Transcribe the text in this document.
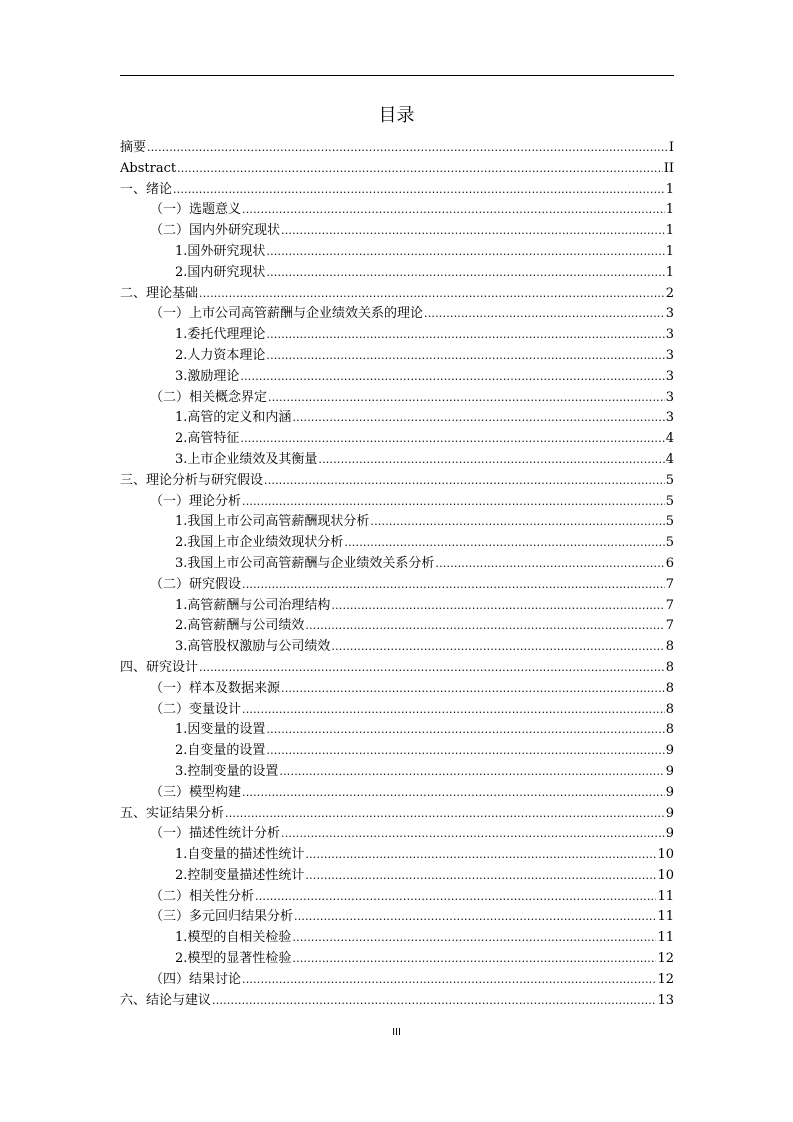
目录
摘要 .....	I
Abstract .....	II
一、绪论 .....	1
（一）选题意义 .....	1
（二）国内外研究现状 .....	1
1.国外研究现状 .....	1
2.国内研究现状 .....	1
二、理论基础 .....	2
（一）上市公司高管薪酬与企业绩效关系的理论 .....	3
1.委托代理理论 .....	3
2.人力资本理论 .....	3
3.激励理论 .....	3
（二）相关概念界定 .....	3
1.高管的定义和内涵 .....	3
2.高管特征 .....	4
3.上市企业绩效及其衡量 .....	4
三、理论分析与研究假设 .....	5
（一）理论分析 .....	5
1.我国上市公司高管薪酬现状分析 .....	5
2.我国上市企业绩效现状分析 .....	5
3.我国上市公司高管薪酬与企业绩效关系分析 .....	6
（二）研究假设 .....	7
1.高管薪酬与公司治理结构 .....	7
2.高管薪酬与公司绩效 .....	7
3.高管股权激励与公司绩效 .....	8
四、研究设计 .....	8
（一）样本及数据来源 .....	8
（二）变量设计 .....	8
1.因变量的设置 .....	8
2.自变量的设置 .....	9
3.控制变量的设置 .....	9
（三）模型构建 .....	9
五、实证结果分析 .....	9
（一）描述性统计分析 .....	9
1.自变量的描述性统计 .....	10
2.控制变量描述性统计 .....	10
（二）相关性分析 .....	11
（三）多元回归结果分析 .....	11
1.模型的自相关检验 .....	11
2.模型的显著性检验 .....	12
（四）结果讨论 .....	12
六、结论与建议 .....	13
III
